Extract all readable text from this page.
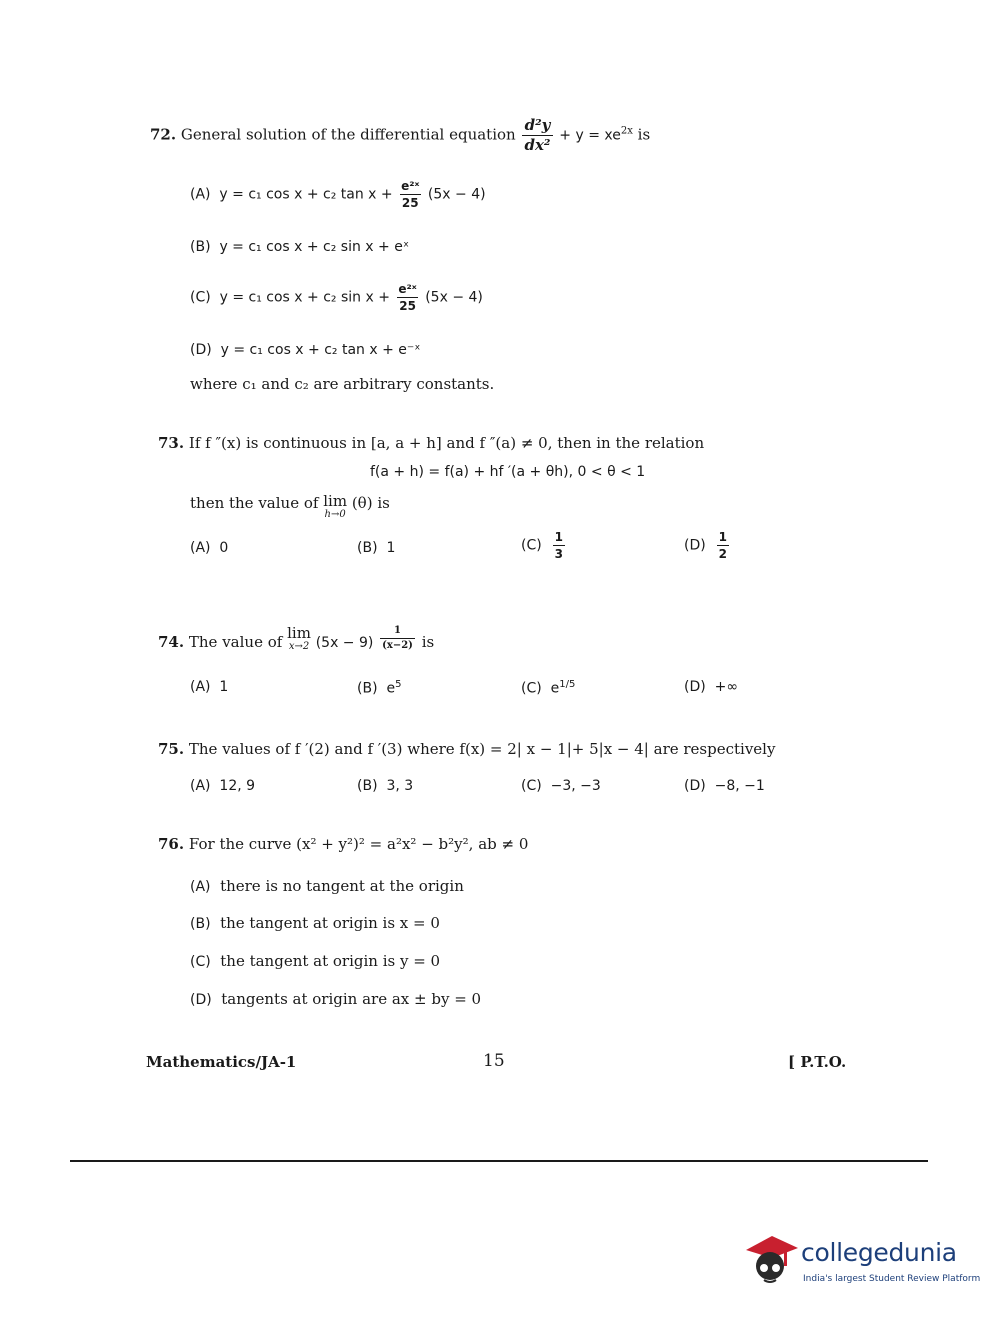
72. General solution of the differential equation $\frac{\text{d²y}}{\text{dx²}} + y = xe^{2x}$ is
(A) y = c₁ cos x + c₂ $\tan x + \frac{\text{e²ˣ}}{25} (5x - 4)$
(B) y = c₁ cos x + c₂ sin x + eˣ
(C) y = c₁ cos x + c₂ $\sin x + \frac{\text{e²ˣ}}{25} (5x - 4)$
(D) y = c₁ cos x + c₂ tan x + e⁻ˣ
where c₁ and c₂ are arbitrary constants.
73. If f ″(x) is continuous in [a, a + h] and f ″(a) ≠ 0, then in the relation
f(a + h) = f(a) + hf ′(a + θh), 0 < θ < 1
then the value of lim
h→0
(θ) is
(A) 0	(B) 1	$(C) \frac{1}{3}$	$(D) \frac{1}{2}$
74. The value of lim
x→2 $(5x - 9) \frac{1}{(x-2)}$ is
(A) 1	(B) $e^5$	(C) $e^{1/5}$	(D) +∞
75. The values of f ′(2) and f ′(3) where f(x) = 2| x − 1|+ 5|x − 4| are respectively
(A) 12, 9	(B) 3, 3	(C) −3, −3	(D) −8, −1
76. For the curve (x² + y²)² = a²x² − b²y², ab ≠ 0
(A) there is no tangent at the origin
(B) the tangent at origin is x = 0
(C) the tangent at origin is y = 0
(D) tangents at origin are ax ± by = 0
Mathematics/JA-1	15	[ P.T.O.
collegedunia
India's largest Student Review Platform
